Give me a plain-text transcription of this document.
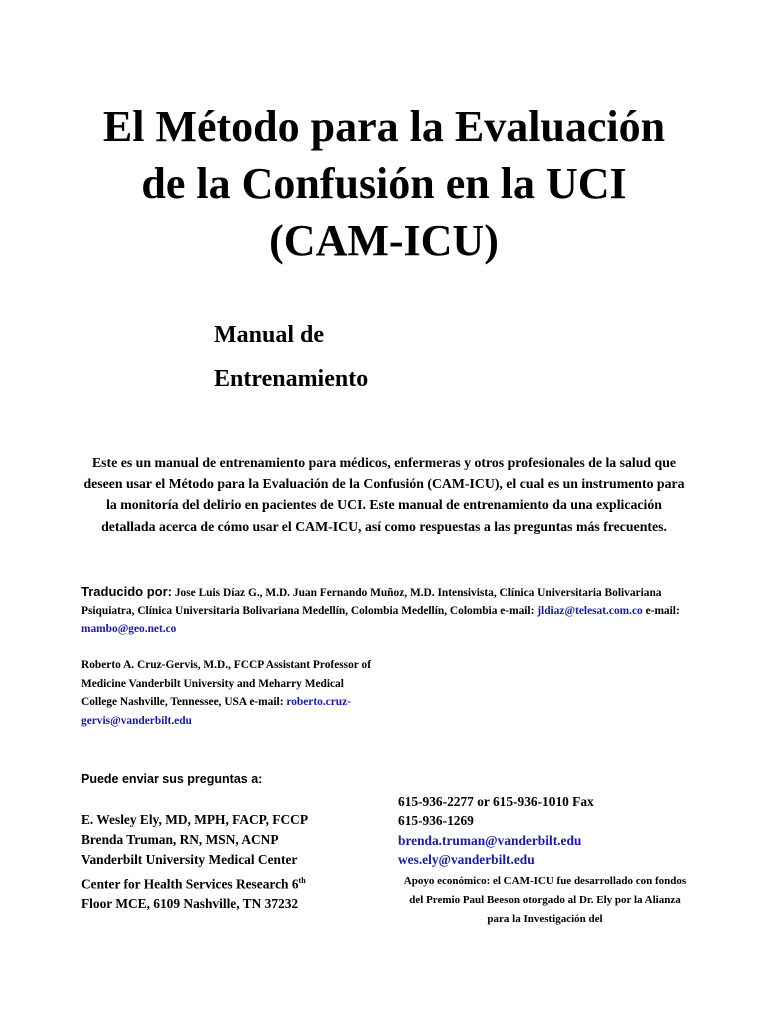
El Método para la Evaluación
de la Confusión en la UCI
(CAM-ICU)
Manual de
Entrenamiento
Este es un manual de entrenamiento para médicos, enfermeras y otros profesionales de la salud que deseen usar el Método para la Evaluación de la Confusión (CAM-ICU), el cual es un instrumento para la monitoría del delirio en pacientes de UCI. Este manual de entrenamiento da una explicación detallada acerca de cómo usar el CAM-ICU, así como respuestas a las preguntas más frecuentes.
Traducido por: Jose Luis Díaz G., M.D. Juan Fernando Muñoz, M.D. Intensivista, Clínica Universitaria Bolivariana Psiquiatra, Clínica Universitaria Bolivariana Medellín, Colombia Medellín, Colombia e-mail: jldiaz@telesat.com.co e-mail: mambo@geo.net.co
Roberto A. Cruz-Gervis, M.D., FCCP Assistant Professor of Medicine Vanderbilt University and Meharry Medical College Nashville, Tennessee, USA e-mail: roberto.cruz-gervis@vanderbilt.edu
Puede enviar sus preguntas a:
E. Wesley Ely, MD, MPH, FACP, FCCP
Brenda Truman, RN, MSN, ACNP
Vanderbilt University Medical Center
Center for Health Services Research 6th
Floor MCE, 6109 Nashville, TN 37232
615-936-2277 or 615-936-1010 Fax
615-936-1269
brenda.truman@vanderbilt.edu
wes.ely@vanderbilt.edu
Apoyo económico: el CAM-ICU fue desarrollado con fondos del Premio Paul Beeson otorgado al Dr. Ely por la Alianza para la Investigación del
